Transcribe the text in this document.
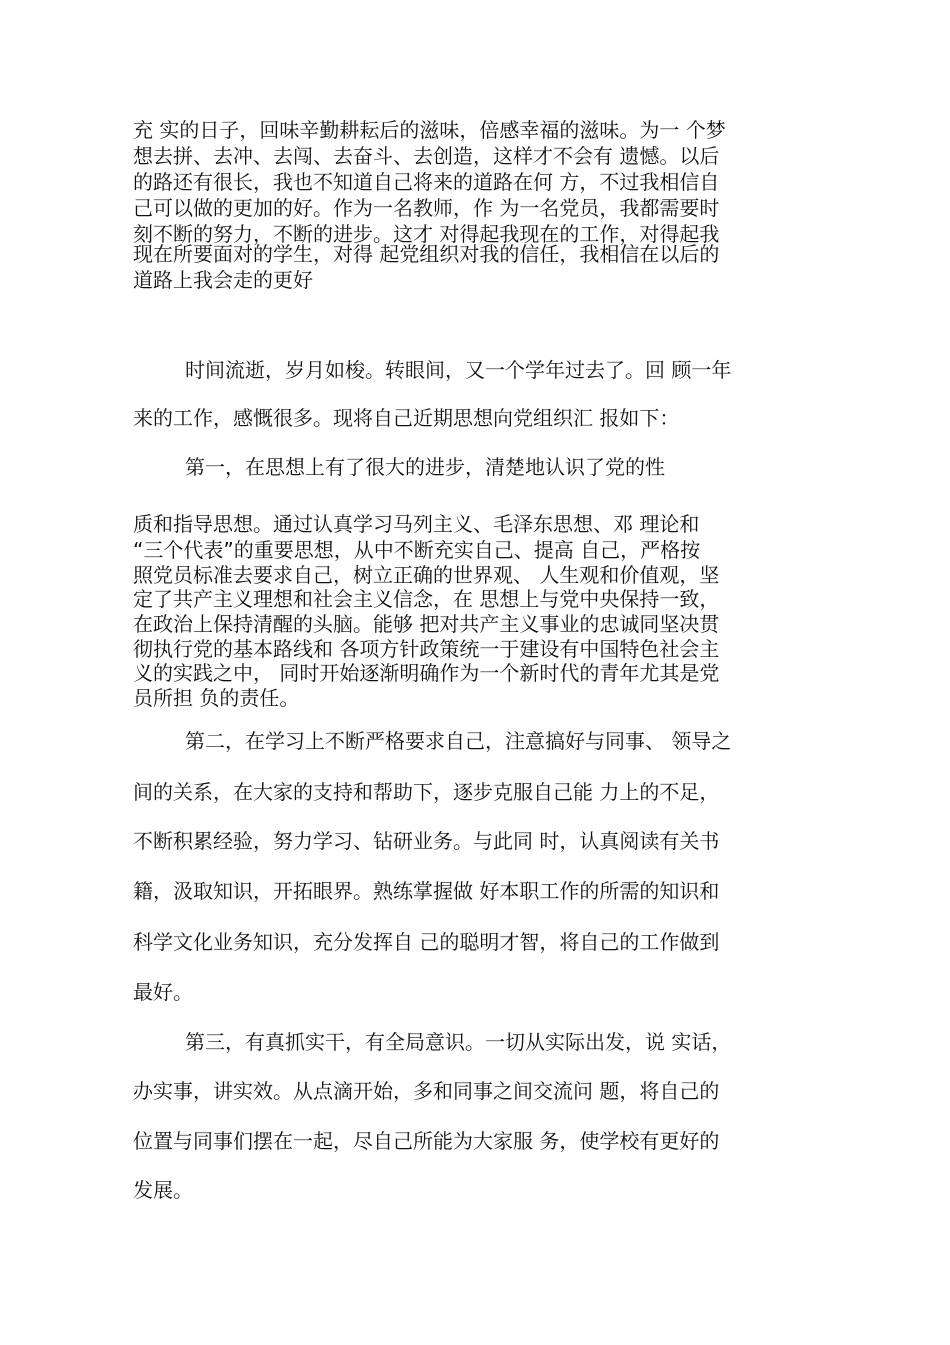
充 实的日子，回味辛勤耕耘后的滋味，倍感幸福的滋味。为一 个梦

想去拼、去冲、去闯、去奋斗、去创造，这样才不会有 遗憾。以后

的路还有很长，我也不知道自己将来的道路在何 方，不过我相信自

己可以做的更加的好。作为一名教师，作 为一名党员，我都需要时

刻不断的努力，不断的进步。这才 对得起我现在的工作，对得起我

现在所要面对的学生，对得 起党组织对我的信任，我相信在以后的

道路上我会走的更好

时间流逝，岁月如梭。转眼间，又一个学年过去了。回 顾一年

来的工作，感慨很多。现将自己近期思想向党组织汇 报如下：

第一，在思想上有了很大的进步，清楚地认识了党的性

质和指导思想。通过认真学习马列主义、毛泽东思想、邓 理论和

“三个代表”的重要思想，从中不断充实自己、提高 自己，严格按

照党员标准去要求自己，树立正确的世界观、 人生观和价值观，坚

定了共产主义理想和社会主义信念，在 思想上与党中央保持一致，

在政治上保持清醒的头脑。能够 把对共产主义事业的忠诚同坚决贯

彻执行党的基本路线和 各项方针政策统一于建设有中国特色社会主

义的实践之中， 同时开始逐渐明确作为一个新时代的青年尤其是党

员所担 负的责任。

第二，在学习上不断严格要求自己，注意搞好与同事、 领导之

间的关系，在大家的支持和帮助下，逐步克服自己能 力上的不足，

不断积累经验，努力学习、钻研业务。与此同 时，认真阅读有关书

籍，汲取知识，开拓眼界。熟练掌握做 好本职工作的所需的知识和

科学文化业务知识，充分发挥自 己的聪明才智，将自己的工作做到

最好。

第三，有真抓实干，有全局意识。一切从实际出发，说 实话，

办实事，讲实效。从点滴开始，多和同事之间交流问 题，将自己的

位置与同事们摆在一起，尽自己所能为大家服 务，使学校有更好的

发展。
